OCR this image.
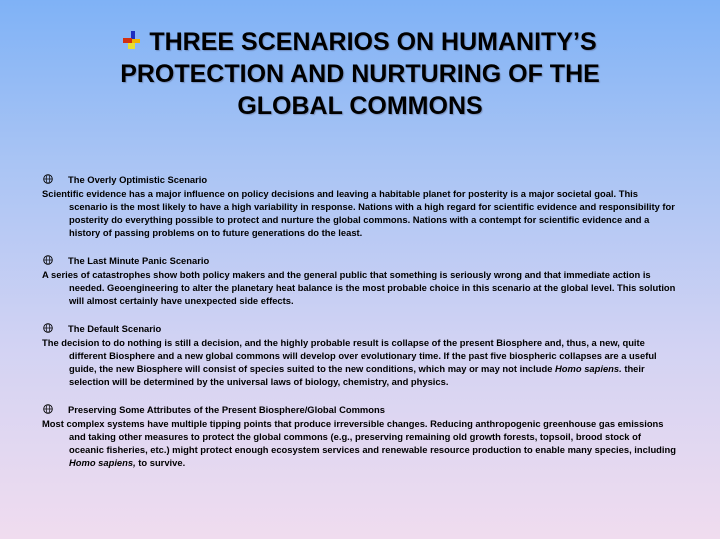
THREE SCENARIOS ON HUMANITY’S
PROTECTION AND NURTURING OF THE
GLOBAL COMMONS
The Overly Optimistic Scenario
Scientific evidence has a major influence on policy decisions and leaving a habitable planet for posterity is a major societal goal. This scenario is the most likely to have a high variability in response. Nations with a high regard for scientific evidence and responsibility for posterity do everything possible to protect and nurture the global commons. Nations with a contempt for scientific evidence and a history of passing problems on to future generations do the least.
The Last Minute Panic Scenario
A series of catastrophes show both policy makers and the general public that something is seriously wrong and that immediate action is needed. Geoengineering to alter the planetary heat balance is the most probable choice in this scenario at the global level. This solution will almost certainly have unexpected side effects.
The Default Scenario
The decision to do nothing is still a decision, and the highly probable result is collapse of the present Biosphere and, thus, a new, quite different Biosphere and a new global commons will develop over evolutionary time. If the past five biospheric collapses are a useful guide, the new Biosphere will consist of species suited to the new conditions, which may or may not include Homo sapiens. their selection will be determined by the universal laws of biology, chemistry, and physics.
Preserving Some Attributes of the Present Biosphere/Global Commons
Most complex systems have multiple tipping points that produce irreversible changes. Reducing anthropogenic greenhouse gas emissions and taking other measures to protect the global commons (e.g., preserving remaining old growth forests, topsoil, brood stock of oceanic fisheries, etc.) might protect enough ecosystem services and renewable resource production to enable many species, including Homo sapiens, to survive.
